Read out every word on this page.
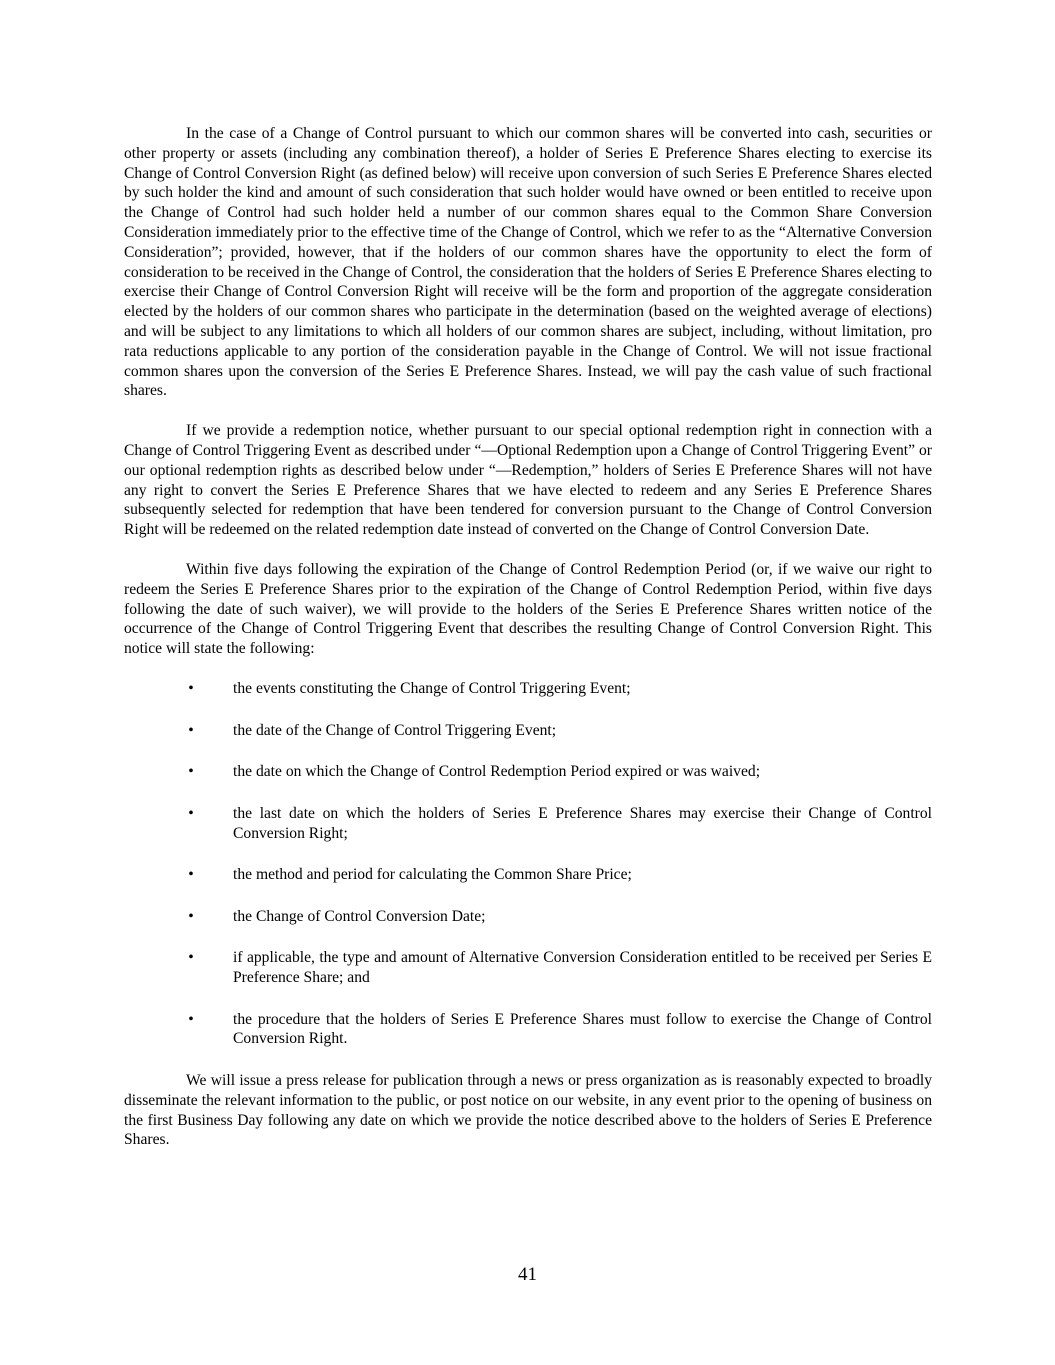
In the case of a Change of Control pursuant to which our common shares will be converted into cash, securities or other property or assets (including any combination thereof), a holder of Series E Preference Shares electing to exercise its Change of Control Conversion Right (as defined below) will receive upon conversion of such Series E Preference Shares elected by such holder the kind and amount of such consideration that such holder would have owned or been entitled to receive upon the Change of Control had such holder held a number of our common shares equal to the Common Share Conversion Consideration immediately prior to the effective time of the Change of Control, which we refer to as the “Alternative Conversion Consideration”; provided, however, that if the holders of our common shares have the opportunity to elect the form of consideration to be received in the Change of Control, the consideration that the holders of Series E Preference Shares electing to exercise their Change of Control Conversion Right will receive will be the form and proportion of the aggregate consideration elected by the holders of our common shares who participate in the determination (based on the weighted average of elections) and will be subject to any limitations to which all holders of our common shares are subject, including, without limitation, pro rata reductions applicable to any portion of the consideration payable in the Change of Control. We will not issue fractional common shares upon the conversion of the Series E Preference Shares. Instead, we will pay the cash value of such fractional shares.

If we provide a redemption notice, whether pursuant to our special optional redemption right in connection with a Change of Control Triggering Event as described under “—Optional Redemption upon a Change of Control Triggering Event” or our optional redemption rights as described below under “—Redemption,” holders of Series E Preference Shares will not have any right to convert the Series E Preference Shares that we have elected to redeem and any Series E Preference Shares subsequently selected for redemption that have been tendered for conversion pursuant to the Change of Control Conversion Right will be redeemed on the related redemption date instead of converted on the Change of Control Conversion Date.

Within five days following the expiration of the Change of Control Redemption Period (or, if we waive our right to redeem the Series E Preference Shares prior to the expiration of the Change of Control Redemption Period, within five days following the date of such waiver), we will provide to the holders of the Series E Preference Shares written notice of the occurrence of the Change of Control Triggering Event that describes the resulting Change of Control Conversion Right. This notice will state the following:

•	the events constituting the Change of Control Triggering Event;
•	the date of the Change of Control Triggering Event;
•	the date on which the Change of Control Redemption Period expired or was waived;
•	the last date on which the holders of Series E Preference Shares may exercise their Change of Control Conversion Right;
•	the method and period for calculating the Common Share Price;
•	the Change of Control Conversion Date;
•	if applicable, the type and amount of Alternative Conversion Consideration entitled to be received per Series E Preference Share; and
•	the procedure that the holders of Series E Preference Shares must follow to exercise the Change of Control Conversion Right.

We will issue a press release for publication through a news or press organization as is reasonably expected to broadly disseminate the relevant information to the public, or post notice on our website, in any event prior to the opening of business on the first Business Day following any date on which we provide the notice described above to the holders of Series E Preference Shares.

41
